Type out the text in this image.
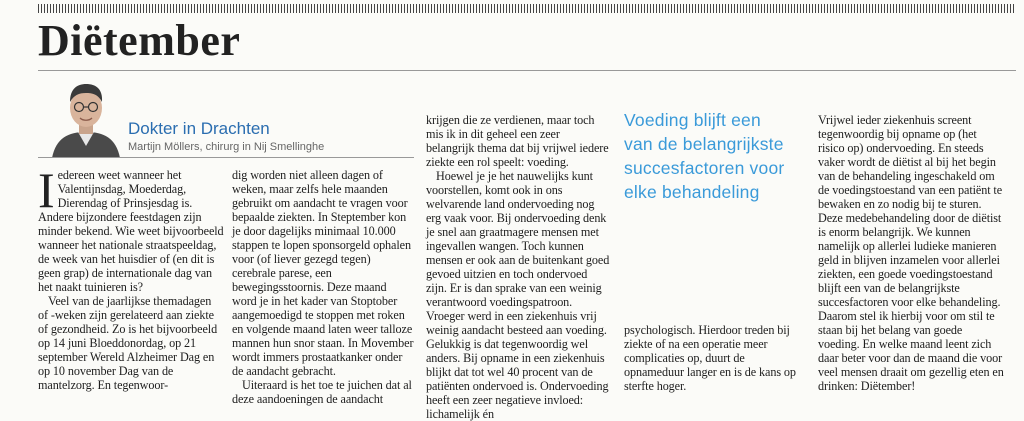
Diëtember

Dokter in Drachten

Martijn Möllers, chirurg in Nij Smellinghe

Iedereen weet wanneer het Valentijnsdag, Moederdag, Dierendag of Prinsjesdag is. Andere bijzondere feestdagen zijn minder bekend. Wie weet bijvoorbeeld wanneer het nationale straatspeeldag, de week van het huisdier of (en dit is geen grap) de internationale dag van het naakt tuinieren is?

Veel van de jaarlijkse themadagen of -weken zijn gerelateerd aan ziekte of gezondheid. Zo is het bijvoorbeeld op 14 juni Bloeddonordag, op 21 september Wereld Alzheimer Dag en op 10 november Dag van de mantelzorg. En tegenwoor-

dig worden niet alleen dagen of weken, maar zelfs hele maanden gebruikt om aandacht te vragen voor bepaalde ziekten. In Steptember kon je door dagelijks minimaal 10.000 stappen te lopen sponsorgeld ophalen voor (of liever gezegd tegen) cerebrale parese, een bewegingsstoornis. Deze maand word je in het kader van Stoptober aangemoedigd te stoppen met roken en volgende maand laten weer talloze mannen hun snor staan. In Movember wordt immers prostaatkanker onder de aandacht gebracht.

Uiteraard is het toe te juichen dat al deze aandoeningen de aandacht

krijgen die ze verdienen, maar toch mis ik in dit geheel een zeer belangrijk thema dat bij vrijwel iedere ziekte een rol speelt: voeding.

Hoewel je je het nauwelijks kunt voorstellen, komt ook in ons welvarende land ondervoeding nog erg vaak voor. Bij ondervoeding denk je snel aan graatmagere mensen met ingevallen wangen. Toch kunnen mensen er ook aan de buitenkant goed gevoed uitzien en toch ondervoed zijn. Er is dan sprake van een weinig verantwoord voedingspatroon. Vroeger werd in een ziekenhuis vrij weinig aandacht besteed aan voeding. Gelukkig is dat tegenwoordig wel anders. Bij opname in een ziekenhuis blijkt dat tot wel 40 procent van de patiënten ondervoed is. Ondervoeding heeft een zeer negatieve invloed: lichamelijk én

Voeding blijft een van de belangrijkste succesfactoren voor elke behandeling

psychologisch. Hierdoor treden bij ziekte of na een operatie meer complicaties op, duurt de opnameduur langer en is de kans op sterfte hoger.

Vrijwel ieder ziekenhuis screent tegenwoordig bij opname op (het risico op) ondervoeding. En steeds vaker wordt de diëtist al bij het begin van de behandeling ingeschakeld om de voedingstoestand van een patiënt te bewaken en zo nodig bij te sturen. Deze medebehandeling door de diëtist is enorm belangrijk. We kunnen namelijk op allerlei ludieke manieren geld in blijven inzamelen voor allerlei ziekten, een goede voedingstoestand blijft een van de belangrijkste succesfactoren voor elke behandeling. Daarom stel ik hierbij voor om stil te staan bij het belang van goede voeding. En welke maand leent zich daar beter voor dan de maand die voor veel mensen draait om gezellig eten en drinken: Diëtember!
